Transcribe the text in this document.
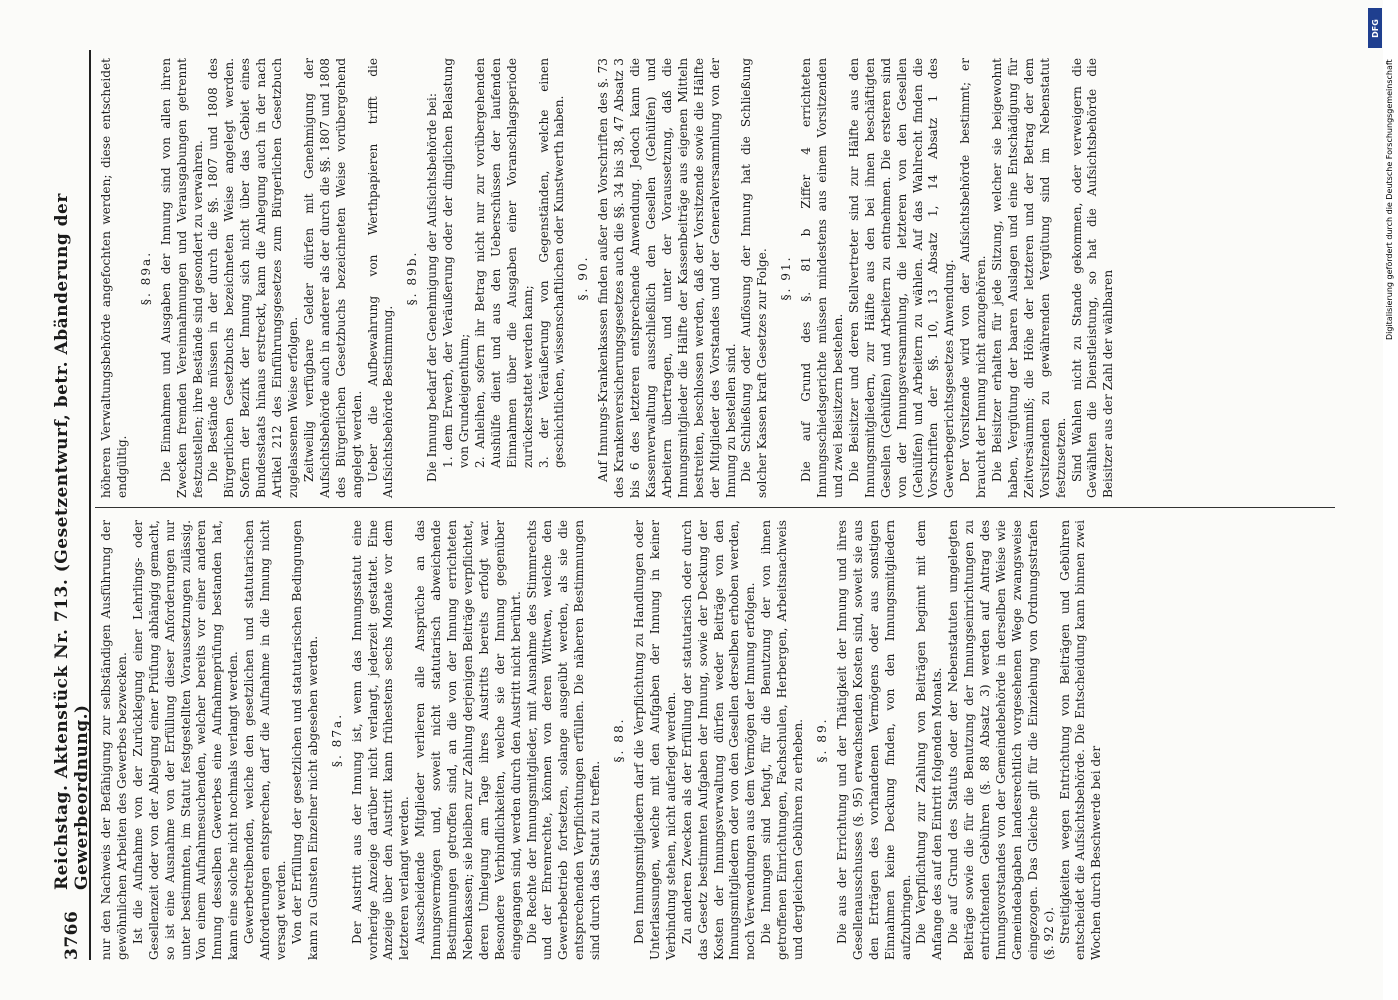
3766
Reichstag. Aktenstück Nr. 713. (Gesetzentwurf, betr. Abänderung der Gewerbeordnung.) nur den Nachweis der Befähigung zur selbständigen Ausführung der gewöhnlichen Arbeiten des Gewerbes bezwecken. Ist die Aufnahme von der Zurücklegung einer Lehrlings- oder Gesellenzeit oder von der Ablegung einer Prüfung abhängig gemacht, so ist eine Ausnahme von der Erfüllung dieser Anforderungen nur unter bestimmten, im Statut festgestellten Voraussetzungen zulässig. Von einem Aufnahmesuchenden, welcher bereits vor einer anderen Innung desselben Gewerbes eine Aufnahmeprüfung bestanden hat, kann eine solche nicht nochmals verlangt werden. Gewerbetreibenden, welche den gesetzlichen und statutarischen Anforderungen entsprechen, darf die Aufnahme in die Innung nicht versagt werden. Von der Erfüllung der gesetzlichen und statutarischen Bedingungen kann zu Gunsten Einzelner nicht abgesehen werden. §. 87a. Der Austritt aus der Innung ist, wenn das Innungsstatut eine vorherige Anzeige darüber nicht verlangt, jederzeit gestattet. Eine Anzeige über den Austritt kann frühestens sechs Monate vor dem letzteren verlangt werden. Ausscheidende Mitglieder verlieren alle Ansprüche an das Innungsvermögen und, soweit nicht statutarisch abweichende Bestimmungen getroffen sind, an die von der Innung errichteten Nebenkassen; sie bleiben zur Zahlung derjenigen Beiträge verpflichtet, deren Umlegung am Tage ihres Austritts bereits erfolgt war. Besondere Verbindlichkeiten, welche sie der Innung gegenüber eingegangen sind, werden durch den Austritt nicht berührt. Die Rechte der Innungsmitglieder, mit Ausnahme des Stimmrechts und der Ehrenrechte, können von deren Wittwen, welche den Gewerbebetrieb fortsetzen, solange ausgeübt werden, als sie die entsprechenden Verpflichtungen erfüllen. Die näheren Bestimmungen sind durch das Statut zu treffen.

§. 88. Den Innungsmitgliedern darf die Verpflichtung zu Handlungen oder Unterlassungen, welche mit den Aufgaben der Innung in keiner Verbindung stehen, nicht auferlegt werden. Zu anderen Zwecken als der Erfüllung der statutarisch oder durch das Gesetz bestimmten Aufgaben der Innung, sowie der Deckung der Kosten der Innungsverwaltung dürfen weder Beiträge von den Innungsmitgliedern oder von den Gesellen derselben erhoben werden, noch Verwendungen aus dem Vermögen der Innung erfolgen. Die Innungen sind befugt, für die Benutzung der von ihnen getroffenen Einrichtungen, Fachschulen, Herbergen, Arbeitsnachweis und dergleichen Gebühren zu erheben. §. 89. Die aus der Errichtung und der Thätigkeit der Innung und ihres Gesellenausschusses (§. 95) erwachsenden Kosten sind, soweit sie aus den Erträgen des vorhandenen Vermögens oder aus sonstigen Einnahmen keine Deckung finden, von den Innungsmitgliedern aufzubringen. Die Verpflichtung zur Zahlung von Beiträgen beginnt mit dem Anfange des auf den Eintritt folgenden Monats. Die auf Grund des Statuts oder der Nebenstatuten umgelegten Beiträge sowie die für die Benutzung der Innungseinrichtungen zu entrichtenden Gebühren (§. 88 Absatz 3) werden auf Antrag des Innungsvorstandes von der Gemeindebehörde in derselben Weise wie Gemeindeabgaben landesrechtlich vorgesehenen Wege zwangsweise eingezogen. Das Gleiche gilt für die Einziehung von Ordnungsstrafen (§. 92 c). Streitigkeiten wegen Entrichtung von Beiträgen und Gebühren entscheidet die Aufsichtsbehörde. Die Entscheidung kann binnen zwei Wochen durch Beschwerde bei der

höheren Verwaltungsbehörde angefochten werden; diese entscheidet endgültig.

§. 89a. Die Einnahmen und Ausgaben der Innung sind von allen ihren Zwecken fremden Vereinnahmungen und Verausgabungen getrennt festzustellen; ihre Bestände sind gesondert zu verwahren. Die Bestände müssen in der durch die §§. 1807 und 1808 des Bürgerlichen Gesetzbuchs bezeichneten Weise angelegt werden. Sofern der Bezirk der Innung sich nicht über das Gebiet eines Bundesstaats hinaus erstreckt, kann die Anlegung auch in der nach Artikel 212 des Einführungsgesetzes zum Bürgerlichen Gesetzbuch zugelassenen Weise erfolgen. Zeitweilig verfügbare Gelder dürfen mit Genehmigung der Aufsichtsbehörde auch in anderer als der durch die §§. 1807 und 1808 des Bürgerlichen Gesetzbuchs bezeichneten Weise vorübergehend angelegt werden. Ueber die Aufbewahrung von Werthpapieren trifft die Aufsichtsbehörde Bestimmung.

§. 89b. Die Innung bedarf der Genehmigung der Aufsichtsbehörde bei: 1. dem Erwerb, der Veräußerung oder der dinglichen Belastung von Grundeigenthum; 2. Anleihen, sofern ihr Betrag nicht nur zur vorübergehenden Aushülfe dient und aus den Ueberschüssen der laufenden Einnahmen über die Ausgaben einer Voranschlagsperiode zurückerstattet werden kann; 3. der Veräußerung von Gegenständen, welche einen geschichtlichen, wissenschaftlichen oder Kunstwerth haben. §. 90. Auf Innungs-Krankenkassen finden außer den Vorschriften des §. 73 des Krankenversicherungsgesetzes auch die §§. 34 bis 38, 47 Absatz 3 bis 6 des letzteren entsprechende Anwendung. Jedoch kann die Kassenverwaltung ausschließlich den Gesellen (Gehülfen) und Arbeitern übertragen, und unter der Voraussetzung, daß die Innungsmitglieder die Hälfte der Kassenbeiträge aus eigenen Mitteln bestreiten, beschlossen werden, daß der Vorsitzende sowie die Hälfte der Mitglieder des Vorstandes und der Generalversammlung von der Innung zu bestellen sind. Die Schließung oder Auflösung der Innung hat die Schließung solcher Kassen kraft Gesetzes zur Folge. §. 91. Die auf Grund des §. 81 b Ziffer 4 errichteten Innungsschiedsgerichte müssen mindestens aus einem Vorsitzenden und zwei Beisitzern bestehen. Die Beisitzer und deren Stellvertreter sind zur Hälfte aus den Innungsmitgliedern, zur Hälfte aus den bei ihnen beschäftigten Gesellen (Gehülfen) und Arbeitern zu entnehmen. Die ersteren sind von der Innungsversammlung, die letzteren von den Gesellen (Gehülfen) und Arbeitern zu wählen. Auf das Wahlrecht finden die Vorschriften der §§. 10, 13 Absatz 1, 14 Absatz 1 des Gewerbegerichtsgesetzes Anwendung. Der Vorsitzende wird von der Aufsichtsbehörde bestimmt; er braucht der Innung nicht anzugehören. Die Beisitzer erhalten für jede Sitzung, welcher sie beigewohnt haben, Vergütung der baaren Auslagen und eine Entschädigung für Zeitversäumniß; die Höhe der letzteren und der Betrag der dem Vorsitzenden zu gewährenden Vergütung sind im Nebenstatut festzusetzen. Sind Wahlen nicht zu Stande gekommen, oder verweigern die Gewählten die Dienstleistung, so hat die Aufsichtsbehörde die Beisitzer aus der Zahl der wählbaren

DFG
Digitalisierung gefördert durch die Deutsche Forschungsgemeinschaft
